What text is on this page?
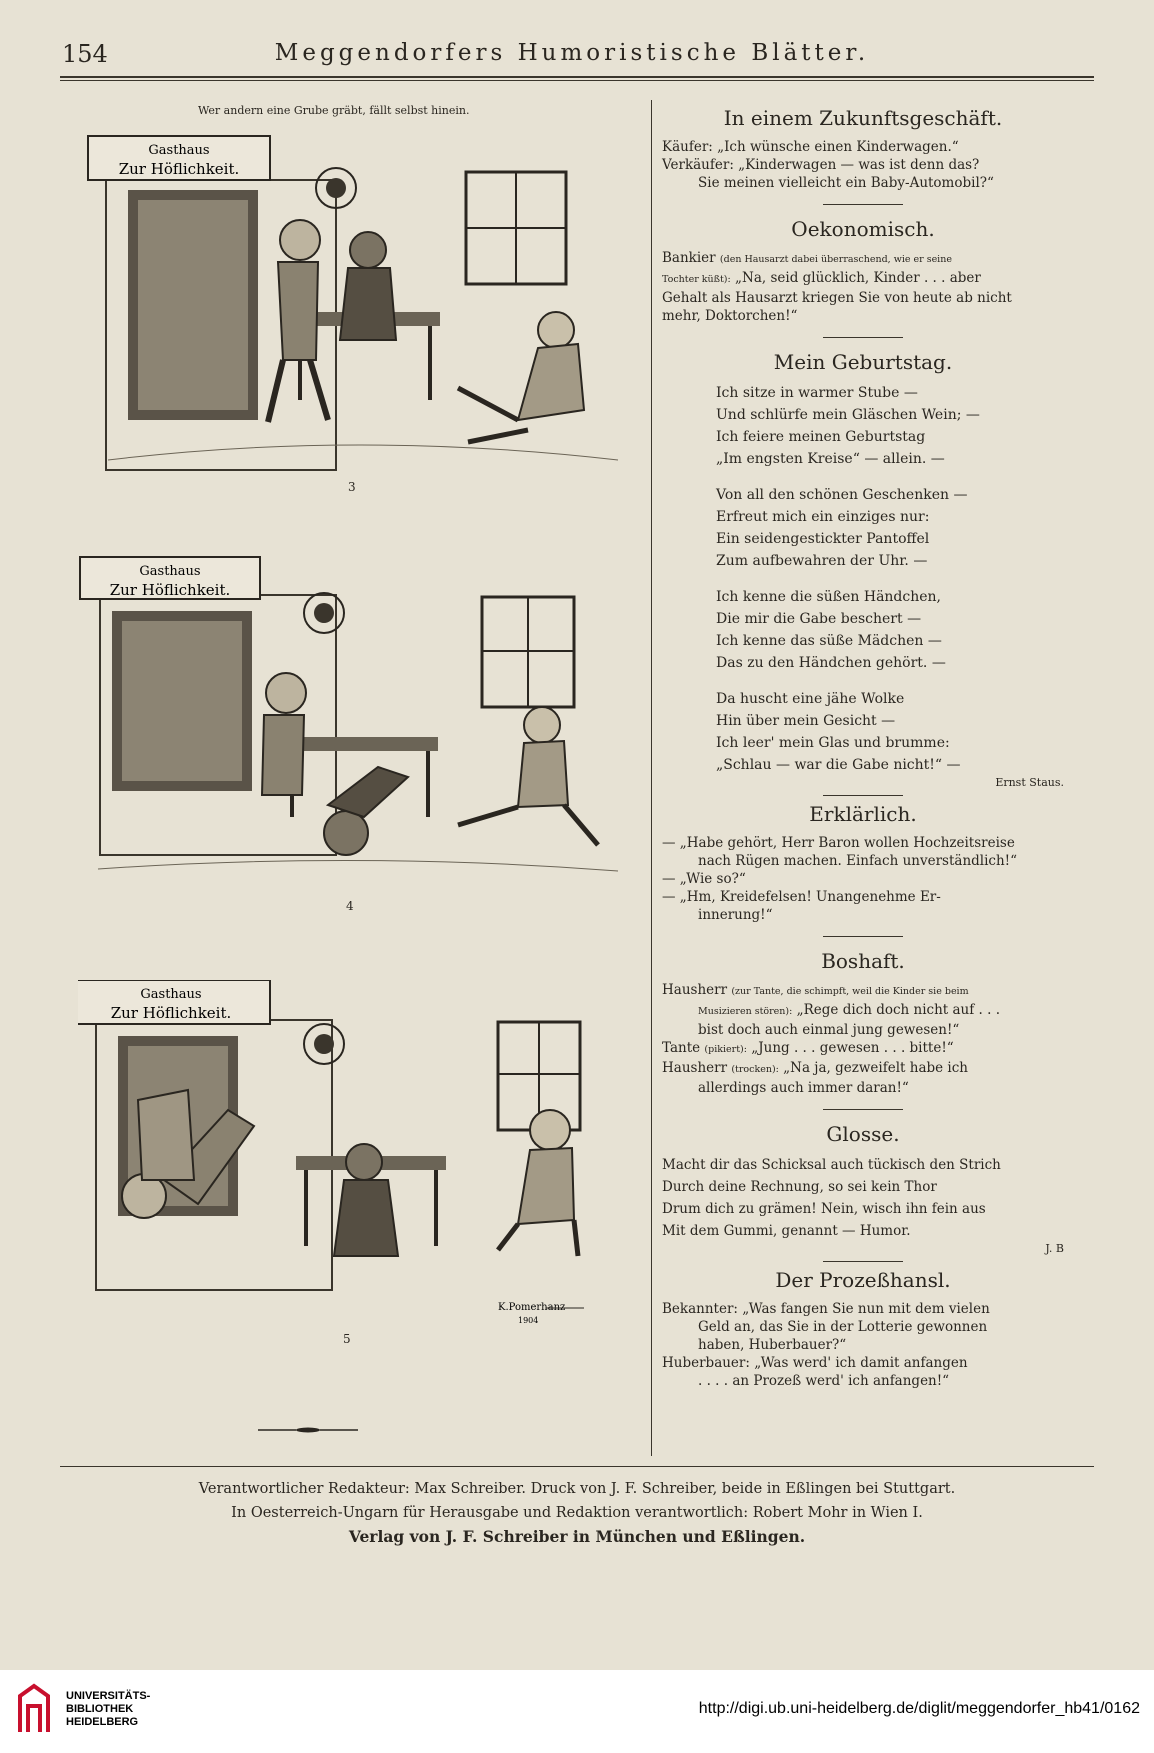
154	Meggendorfers Humoristische Blätter.
Wer andern eine Grube gräbt, fällt selbst hinein.
Gasthaus
Zur Höflichkeit.
3
Gasthaus
Zur Höflichkeit.
4
Gasthaus
Zur Höflichkeit.
K.Pomerhanz
1904
5
In einem Zukunftsgeschäft.

Käufer: „Ich wünsche einen Kinderwagen.“

Verkäufer: „Kinderwagen — was ist denn das?

Sie meinen vielleicht ein Baby-Automobil?“

Oekonomisch.

Bankier (den Hausarzt dabei überraschend, wie er seine

Tochter küßt): „Na, seid glücklich, Kinder . . . aber

Gehalt als Hausarzt kriegen Sie von heute ab nicht

mehr, Doktorchen!“

Mein Geburtstag.

Ich sitze in warmer Stube —

Und schlürfe mein Gläschen Wein; —

Ich feiere meinen Geburtstag

„Im engsten Kreise“ — allein. —

Von all den schönen Geschenken —

Erfreut mich ein einziges nur:

Ein seidengestickter Pantoffel

Zum aufbewahren der Uhr. —

Ich kenne die süßen Händchen,

Die mir die Gabe beschert —

Ich kenne das süße Mädchen —

Das zu den Händchen gehört. —

Da huscht eine jähe Wolke

Hin über mein Gesicht —

Ich leer' mein Glas und brumme:

„Schlau — war die Gabe nicht!“ —

Ernst Staus.
Erklärlich.

— „Habe gehört, Herr Baron wollen Hochzeitsreise

nach Rügen machen. Einfach unverständlich!“

— „Wie so?“

— „Hm, Kreidefelsen! Unangenehme Er-

innerung!“

Boshaft.

Hausherr (zur Tante, die schimpft, weil die Kinder sie beim

Musizieren stören): „Rege dich doch nicht auf . . .

bist doch auch einmal jung gewesen!“

Tante (pikiert): „Jung . . . gewesen . . . bitte!“

Hausherr (trocken): „Na ja, gezweifelt habe ich

allerdings auch immer daran!“

Glosse.

Macht dir das Schicksal auch tückisch den Strich

Durch deine Rechnung, so sei kein Thor

Drum dich zu grämen! Nein, wisch ihn fein aus

Mit dem Gummi, genannt — Humor.

J. B
Der Prozeßhansl.

Bekannter: „Was fangen Sie nun mit dem vielen

Geld an, das Sie in der Lotterie gewonnen

haben, Huberbauer?“

Huberbauer: „Was werd' ich damit anfangen

. . . . an Prozeß werd' ich anfangen!“

Verantwortlicher Redakteur: Max Schreiber. Druck von J. F. Schreiber, beide in Eßlingen bei Stuttgart.

In Oesterreich-Ungarn für Herausgabe und Redaktion verantwortlich: Robert Mohr in Wien I.

Verlag von J. F. Schreiber in München und Eßlingen.

UNIVERSITÄTS-
BIBLIOTHEK
HEIDELBERG
http://digi.ub.uni-heidelberg.de/diglit/meggendorfer_hb41/0162
